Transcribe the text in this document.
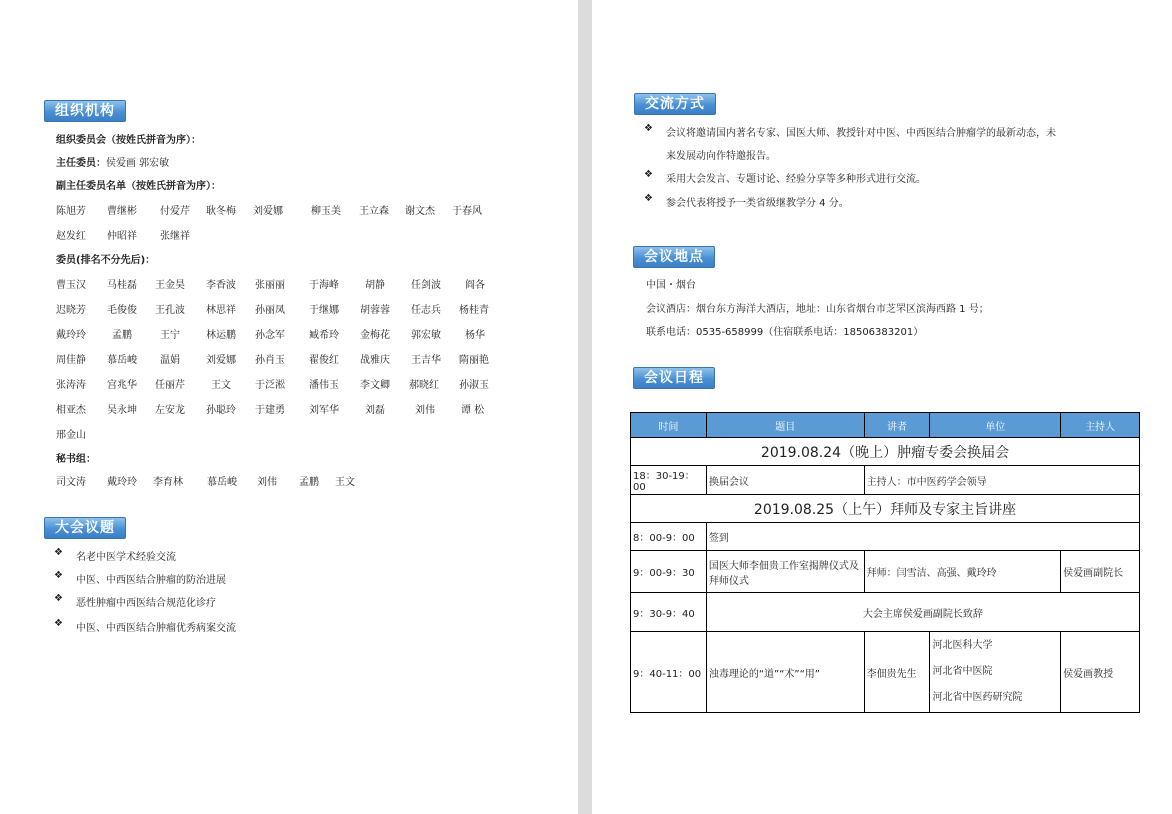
组织机构
组织委员会（按姓氏拼音为序）：
主任委员：侯爱画 郭宏敏
副主任委员名单（按姓氏拼音为序）：
陈旭芳 曹继彬 付爱芹 耿冬梅 刘爱娜	柳玉美 王立森 谢文杰 于春风
赵发红 仲昭祥 张继祥
委员(排名不分先后)：
曹玉汉 马桂磊 王金昊 李香波 张丽丽 于海峰	胡静	任剑波 阎各
迟晓芳 毛俊俊 王孔波 林思祥 孙丽凤 于继娜 胡蓉蓉 任志兵 杨桂青
戴玲玲	孟鹏	王宁	林运鹏 孙念军 臧希玲 金梅花 郭宏敏 杨华
周佳静 慕岳峻 温娟	刘爱娜 孙肖玉 翟俊红 战雅庆 王吉华 隋丽艳
张涛涛 宫兆华 任丽芹	王文 于泛淞 潘伟玉 李文卿 郝晓红 孙淑玉
相亚杰 吴永坤 左安龙 孙聪玲 于建勇 刘军华	刘磊	刘伟	谭 松
邢金山
秘书组：
司文涛 戴玲玲 李育林 慕岳峻 刘伟 孟鹏 王文
大会议题
❖ 名老中医学术经验交流
❖ 中医、中西医结合肿瘤的防治进展
❖ 恶性肿瘤中西医结合规范化诊疗
❖ 中医、中西医结合肿瘤优秀病案交流
交流方式
❖ 会议将邀请国内著名专家、国医大师、教授针对中医、中西医结合肿瘤学的最新动态，未
来发展动向作特邀报告。
❖ 采用大会发言、专题讨论、经验分享等多种形式进行交流。
❖ 参会代表将授予一类省级继教学分 4 分。
会议地点
中国・烟台
会议酒店：烟台东方海洋大酒店，地址：山东省烟台市芝罘区滨海西路 1 号；
联系电话：0535-658999（住宿联系电话：18506383201）
会议日程
时间	题目	讲者	单位	主持人
2019.08.24（晚上）肿瘤专委会换届会				
18：30-19：00	换届会议	主持人：市中医药学会领导		
2019.08.25（上午）拜师及专家主旨讲座				
8：00-9：00	签到			
9：00-9：30	国医大师李佃贵工作室揭牌仪式及拜师仪式	拜师：闫雪洁、高强、戴玲玲		侯爱画副院长
9：30-9：40	大会主席侯爱画副院长致辞			
9：40-11：00	浊毒理论的“道”“术”“用”	李佃贵先生	河北医科大学
河北省中医院
河北省中医药研究院	侯爱画教授
